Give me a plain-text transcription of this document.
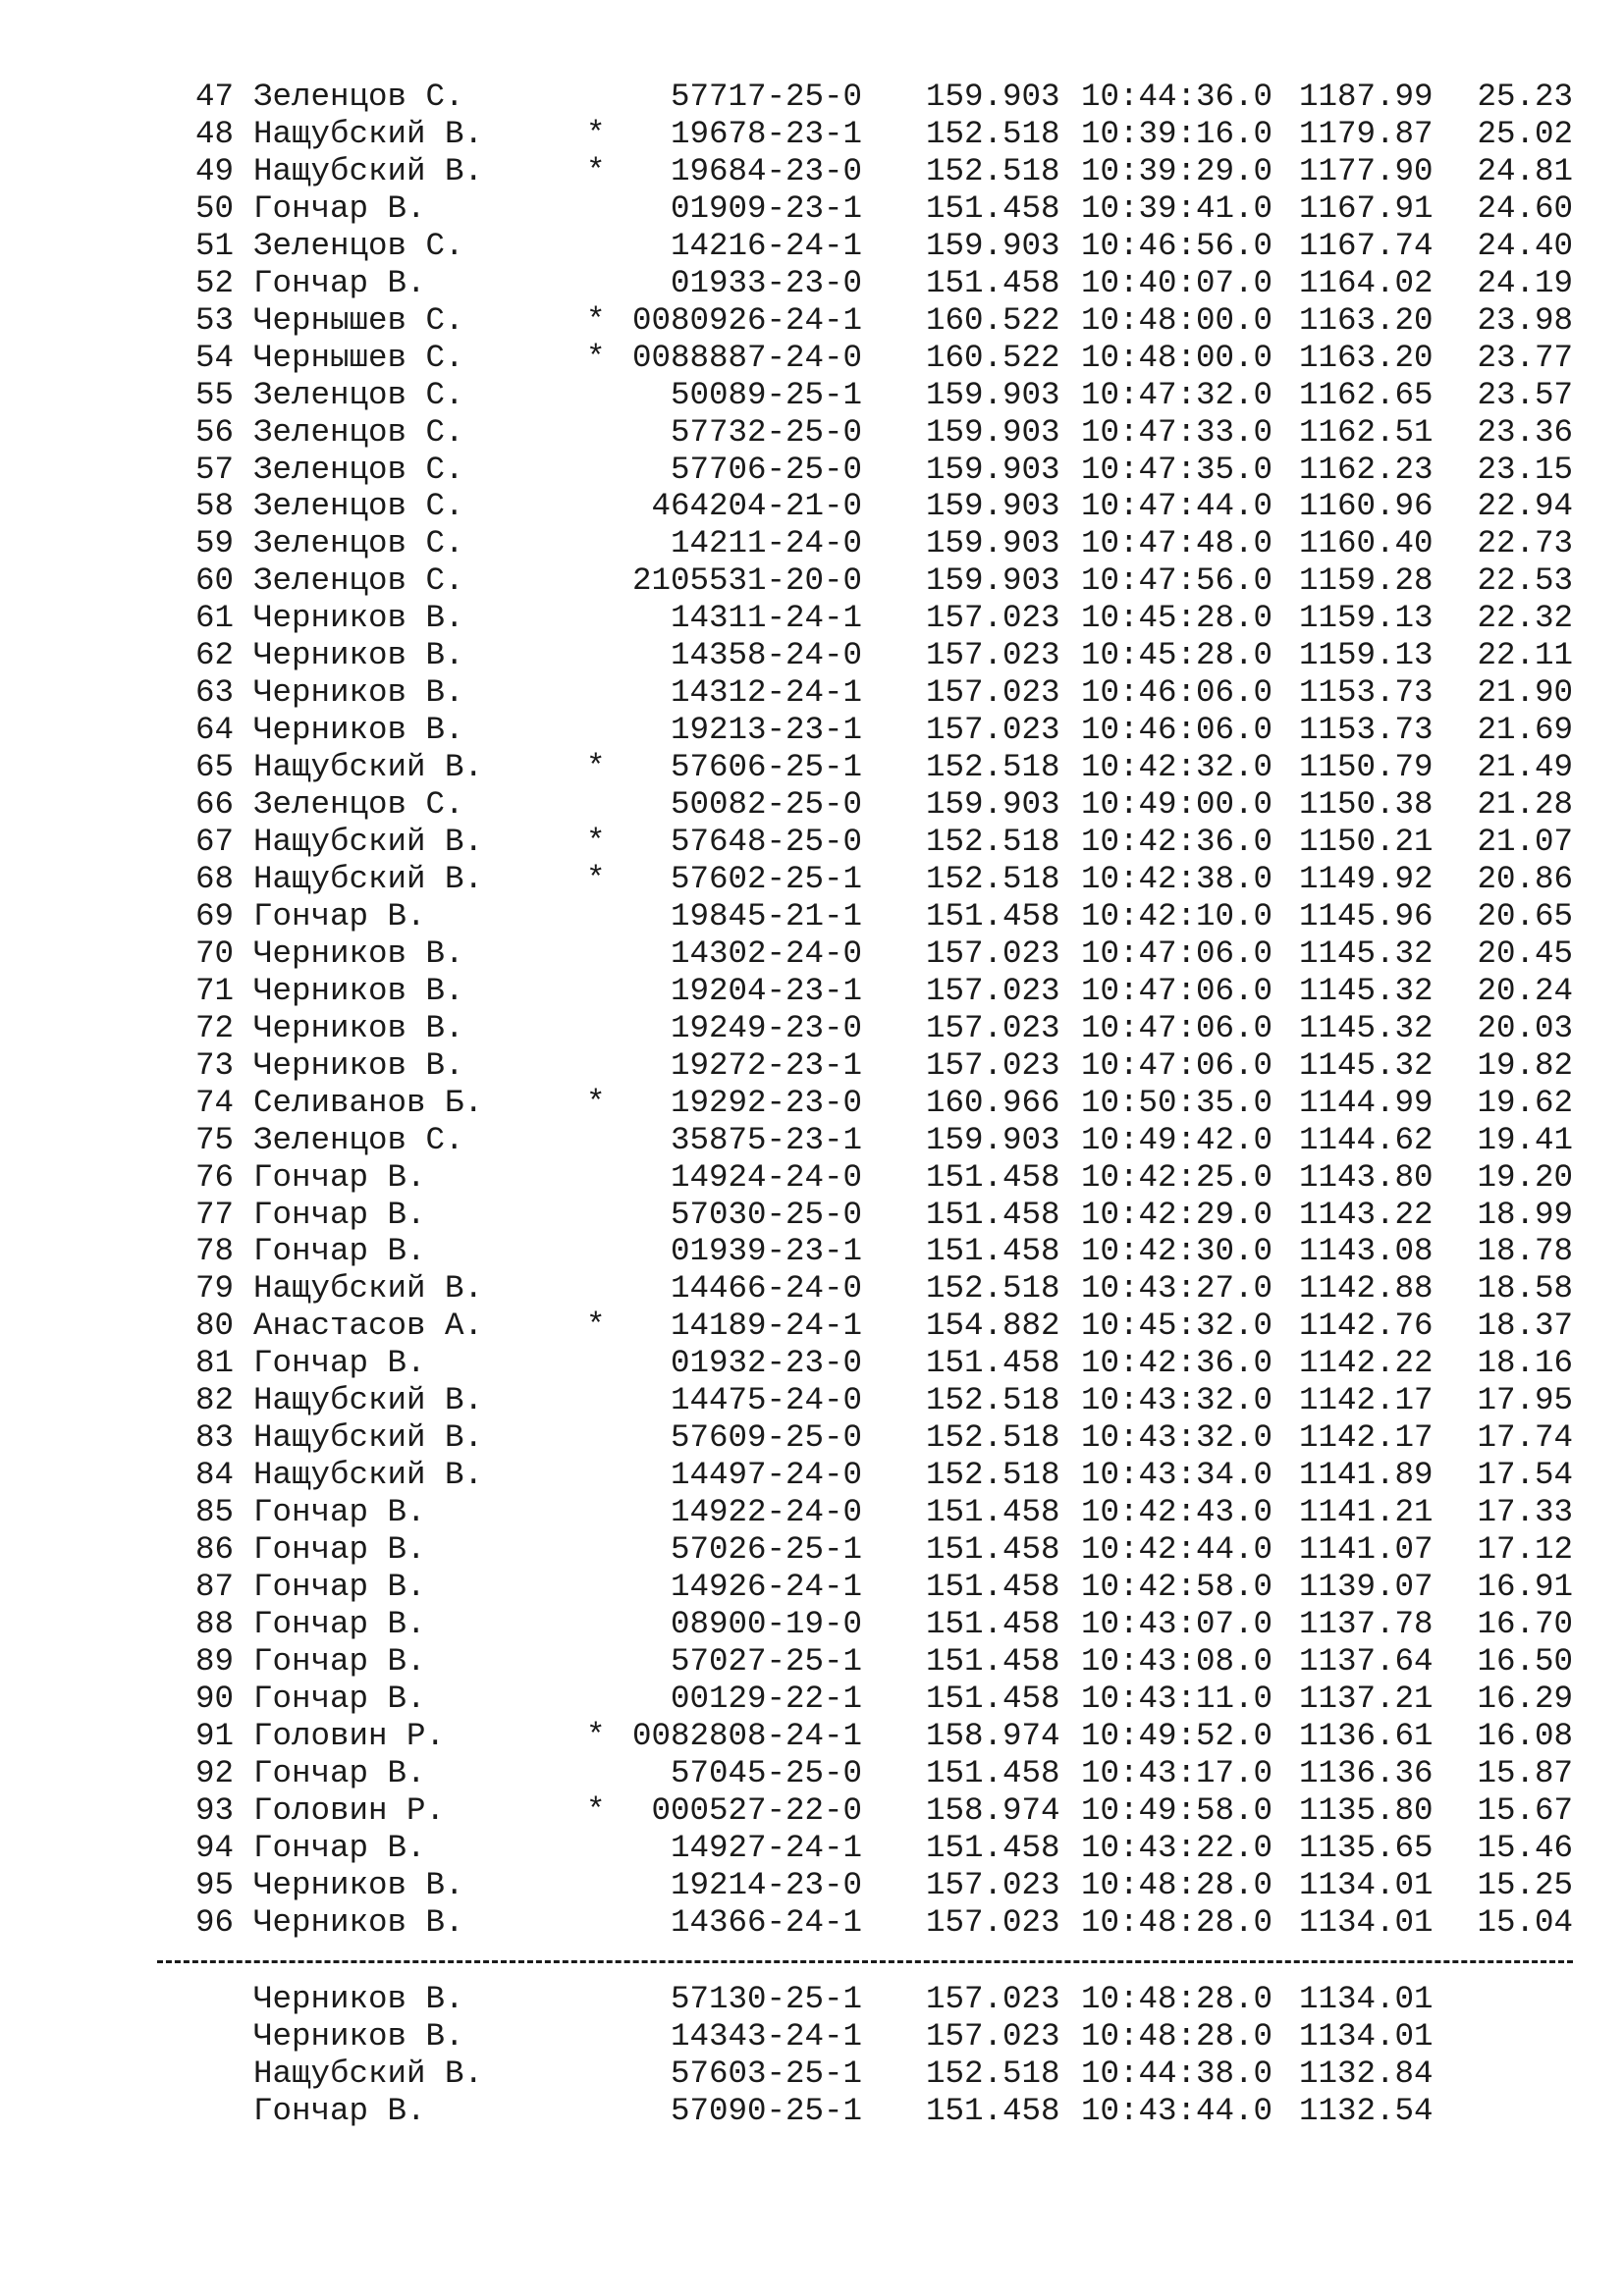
47 Зеленцов С.	57717-25-0 159.903 10:44:36.0 1187.99 25.23
48 Нащубский В.	* 19678-23-1 152.518 10:39:16.0 1179.87 25.02
49 Нащубский В.	* 19684-23-0 152.518 10:39:29.0 1177.90 24.81
50 Гончар В.	01909-23-1 151.458 10:39:41.0 1167.91 24.60
51 Зеленцов С.	14216-24-1 159.903 10:46:56.0 1167.74 24.40
52 Гончар В.	01933-23-0 151.458 10:40:07.0 1164.02 24.19
53 Чернышев С.	* 0080926-24-1 160.522 10:48:00.0 1163.20 23.98
54 Чернышев С.	* 0088887-24-0 160.522 10:48:00.0 1163.20 23.77
55 Зеленцов С.	50089-25-1 159.903 10:47:32.0 1162.65 23.57
56 Зеленцов С.	57732-25-0 159.903 10:47:33.0 1162.51 23.36
57 Зеленцов С.	57706-25-0 159.903 10:47:35.0 1162.23 23.15
58 Зеленцов С.	464204-21-0 159.903 10:47:44.0 1160.96 22.94
59 Зеленцов С.	14211-24-0 159.903 10:47:48.0 1160.40 22.73
60 Зеленцов С.	2105531-20-0 159.903 10:47:56.0 1159.28 22.53
61 Черников В.	14311-24-1 157.023 10:45:28.0 1159.13 22.32
62 Черников В.	14358-24-0 157.023 10:45:28.0 1159.13 22.11
63 Черников В.	14312-24-1 157.023 10:46:06.0 1153.73 21.90
64 Черников В.	19213-23-1 157.023 10:46:06.0 1153.73 21.69
65 Нащубский В.	* 57606-25-1 152.518 10:42:32.0 1150.79 21.49
66 Зеленцов С.	50082-25-0 159.903 10:49:00.0 1150.38 21.28
67 Нащубский В.	* 57648-25-0 152.518 10:42:36.0 1150.21 21.07
68 Нащубский В.	* 57602-25-1 152.518 10:42:38.0 1149.92 20.86
69 Гончар В.	19845-21-1 151.458 10:42:10.0 1145.96 20.65
70 Черников В.	14302-24-0 157.023 10:47:06.0 1145.32 20.45
71 Черников В.	19204-23-1 157.023 10:47:06.0 1145.32 20.24
72 Черников В.	19249-23-0 157.023 10:47:06.0 1145.32 20.03
73 Черников В.	19272-23-1 157.023 10:47:06.0 1145.32 19.82
74 Селиванов Б.	* 19292-23-0 160.966 10:50:35.0 1144.99 19.62
75 Зеленцов С.	35875-23-1 159.903 10:49:42.0 1144.62 19.41
76 Гончар В.	14924-24-0 151.458 10:42:25.0 1143.80 19.20
77 Гончар В.	57030-25-0 151.458 10:42:29.0 1143.22 18.99
78 Гончар В.	01939-23-1 151.458 10:42:30.0 1143.08 18.78
79 Нащубский В.	14466-24-0 152.518 10:43:27.0 1142.88 18.58
80 Анастасов А.	* 14189-24-1 154.882 10:45:32.0 1142.76 18.37
81 Гончар В.	01932-23-0 151.458 10:42:36.0 1142.22 18.16
82 Нащубский В.	14475-24-0 152.518 10:43:32.0 1142.17 17.95
83 Нащубский В.	57609-25-0 152.518 10:43:32.0 1142.17 17.74
84 Нащубский В.	14497-24-0 152.518 10:43:34.0 1141.89 17.54
85 Гончар В.	14922-24-0 151.458 10:42:43.0 1141.21 17.33
86 Гончар В.	57026-25-1 151.458 10:42:44.0 1141.07 17.12
87 Гончар В.	14926-24-1 151.458 10:42:58.0 1139.07 16.91
88 Гончар В.	08900-19-0 151.458 10:43:07.0 1137.78 16.70
89 Гончар В.	57027-25-1 151.458 10:43:08.0 1137.64 16.50
90 Гончар В.	00129-22-1 151.458 10:43:11.0 1137.21 16.29
91 Головин Р.	* 0082808-24-1 158.974 10:49:52.0 1136.61 16.08
92 Гончар В.	57045-25-0 151.458 10:43:17.0 1136.36 15.87
93 Головин Р.	* 000527-22-0 158.974 10:49:58.0 1135.80 15.67
94 Гончар В.	14927-24-1 151.458 10:43:22.0 1135.65 15.46
95 Черников В.	19214-23-0 157.023 10:48:28.0 1134.01 15.25
96 Черников В.	14366-24-1 157.023 10:48:28.0 1134.01 15.04
Черников В.	57130-25-1 157.023 10:48:28.0 1134.01
Черников В.	14343-24-1 157.023 10:48:28.0 1134.01
Нащубский В.	57603-25-1 152.518 10:44:38.0 1132.84
Гончар В.	57090-25-1 151.458 10:43:44.0 1132.54
